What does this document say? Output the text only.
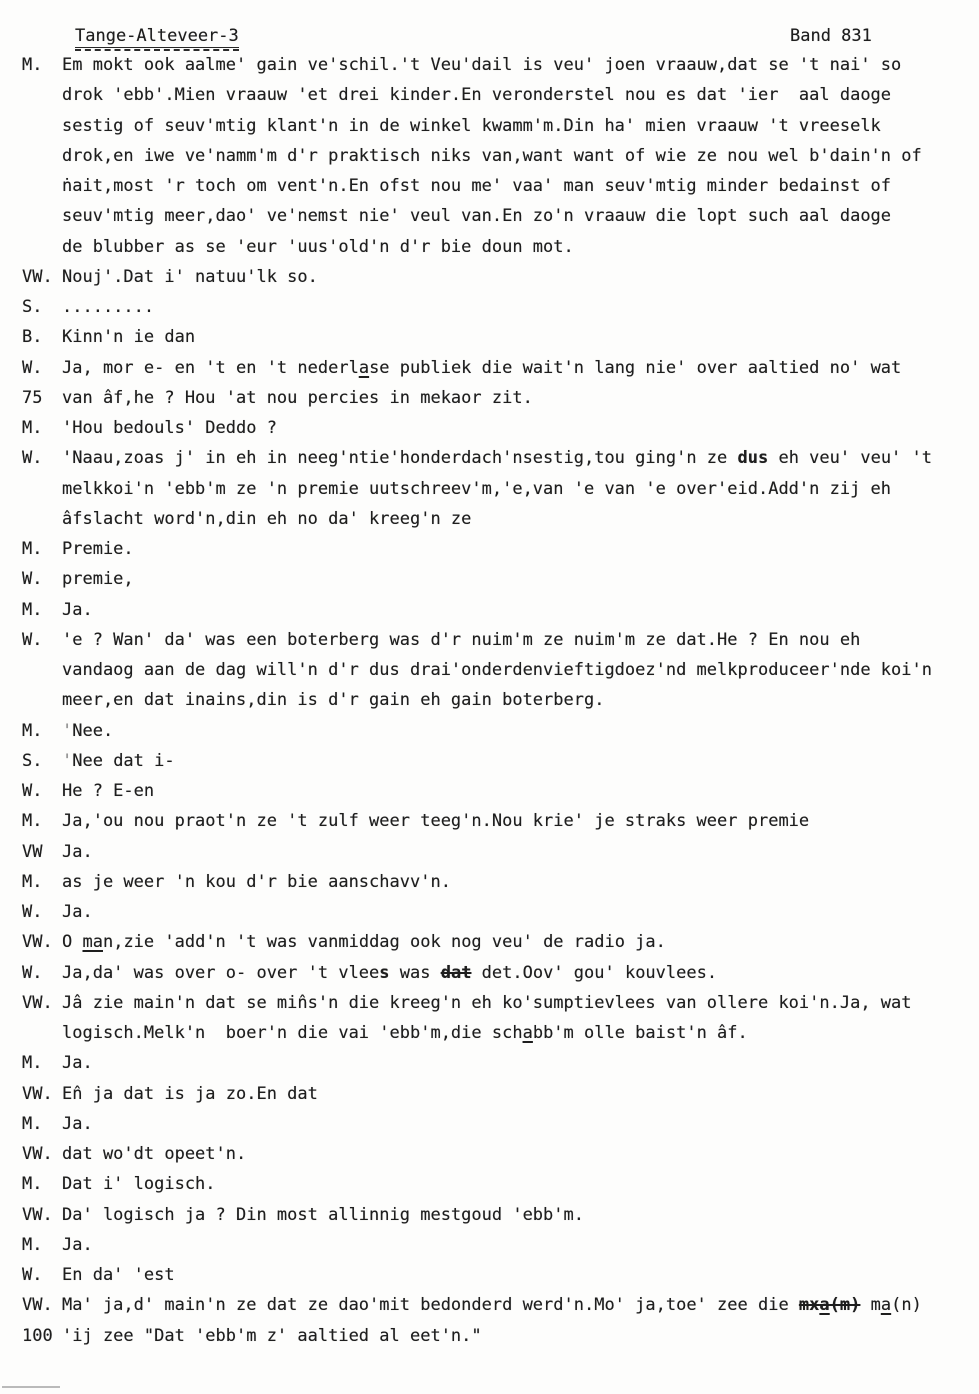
Tange-Alteveer-3	Band 831
M. Em mokt ook aalme' gain ve'schil.'t Veu'dail is veu' joen vraauw,dat se 't nai' so
drok 'ebb'.Mien vraauw 'et drei kinder.En veronderstel nou es dat 'ier  aal daoge
sestig of seuv'mtig klant'n in de winkel kwamm'm.Din ha' mien vraauw 't vreeselk
drok,en iwe ve'namm'm d'r praktisch niks van,want want of wie ze nou wel b'dain'n of
ṅait,most 'r toch om vent'n.En ofst nou me' vaa' man seuv'mtig minder bedainst of
seuv'mtig meer,dao' ve'nemst nie' veul van.En zo'n vraauw die lopt such aal daoge
de blubber as se 'eur 'uus'old'n d'r bie doun mot.
VW. Nouj'.Dat i' natuu'lk so.
S. .........
B. Kinn'n ie dan
W. Ja, mor e- en 't en 't nederlase publiek die wait'n lang nie' over aaltied no' wat
75 van âf,he ? Hou 'at nou percies in mekaor zit.
M. 'Hou bedouls' Deddo ?
W. 'Naau,zoas j' in eh in neeg'ntie'honderdach'nsestig,tou ging'n ze dus eh veu' veu' 't
melkkoi'n 'ebb'm ze 'n premie uutschreev'm,'e,van 'e van 'e over'eid.Add'n zij eh
âfslacht word'n,din eh no da' kreeg'n ze
M. Premie.
W. premie,
M. Ja.
W. 'e ? Wan' da' was een boterberg was d'r nuim'm ze nuim'm ze dat.He ? En nou eh
vandaog aan de dag will'n d'r dus drai'onderdenvieftigdoez'nd melkproduceer'nde koi'n
meer,en dat inains,din is d'r gain eh gain boterberg.
M. 'Nee.
S. 'Nee dat i-
W. He ? E-en
M. Ja,'ou nou praot'n ze 't zulf weer teeg'n.Nou krie' je straks weer premie
VW Ja.
M. as je weer 'n kou d'r bie aanschavv'n.
W. Ja.
VW. O man,zie 'add'n 't was vanmiddag ook nog veu' de radio ja.
W. Ja,da' was over o- over 't vlees was dat det.Oov' gou' kouvlees.
VW. Jâ zie main'n dat se min̂s'n die kreeg'n eh ko'sumptievlees van ollere koi'n.Ja, wat
logisch.Melk'n  boer'n die vai 'ebb'm,die schabb'm olle baist'n âf.
M. Ja.
VW. En̂ ja dat is ja zo.En dat
M. Ja.
VW. dat wo'dt opeet'n.
M. Dat i' logisch.
VW. Da' logisch ja ? Din most allinnig mestgoud 'ebb'm.
M. Ja.
W. En da' 'est
VW. Ma' ja,d' main'n ze dat ze dao'mit bedonderd werd'n.Mo' ja,toe' zee die mxa(m) ma(n)
100 'ij zee "Dat 'ebb'm z' aaltied al eet'n."
